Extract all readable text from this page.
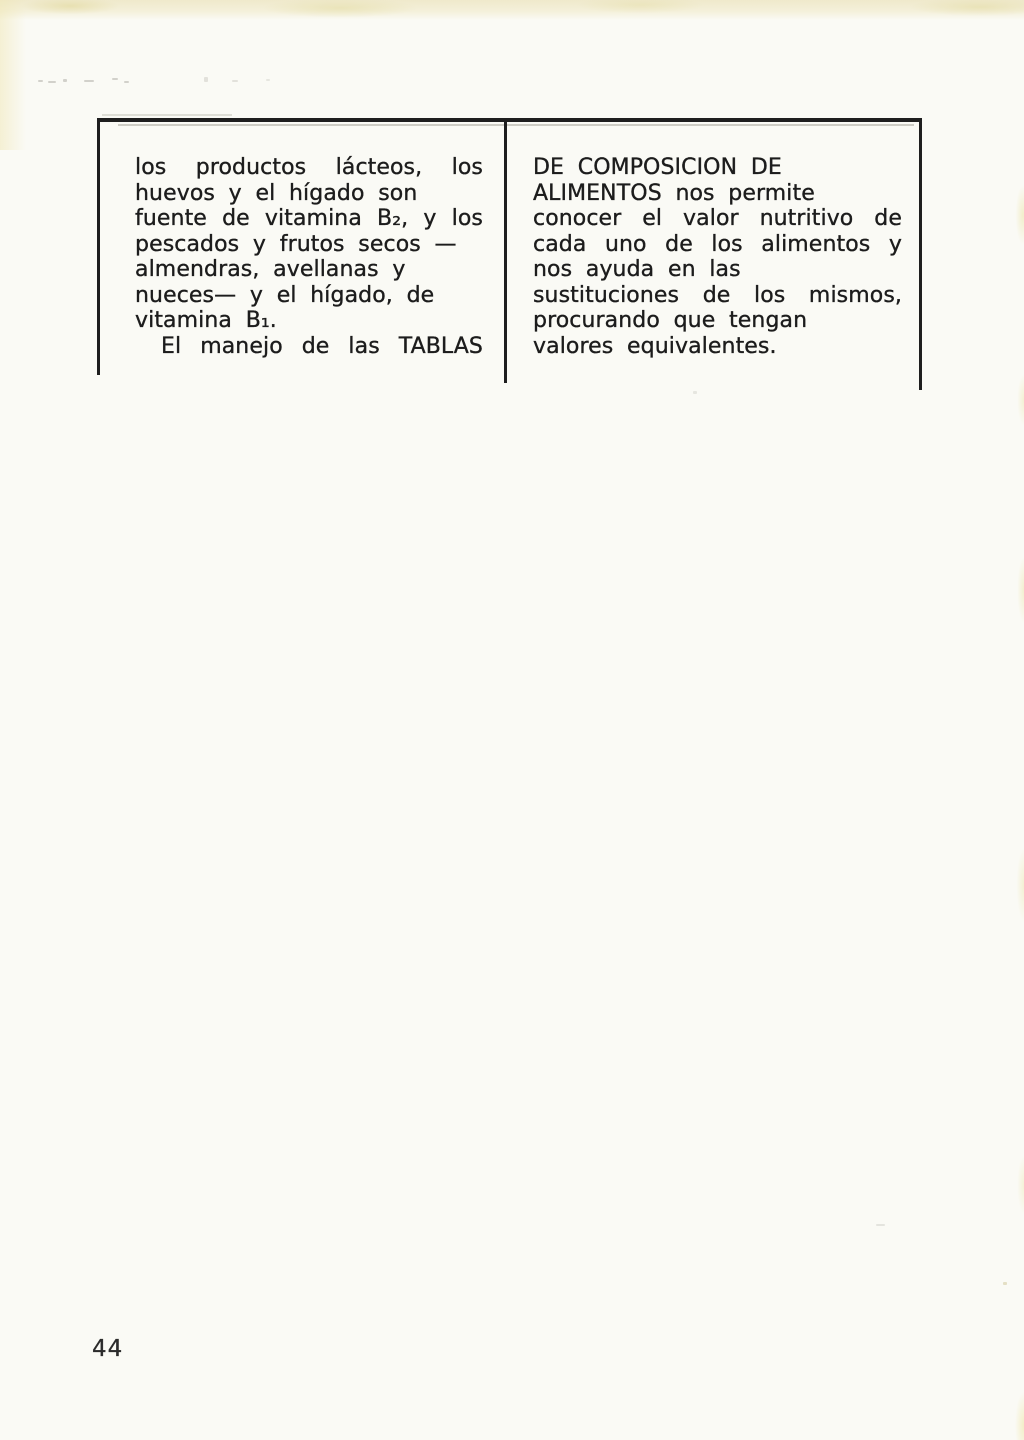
los productos lácteos, los
huevos y el hígado son
fuente de vitamina B₂, y los
pescados y frutos secos —
almendras, avellanas y
nueces— y el hígado, de
vitamina B₁.
El manejo de las TABLAS
DE COMPOSICION DE
ALIMENTOS nos permite
conocer el valor nutritivo de
cada uno de los alimentos y
nos ayuda en las
sustituciones de los mismos,
procurando que tengan
valores equivalentes.
44
